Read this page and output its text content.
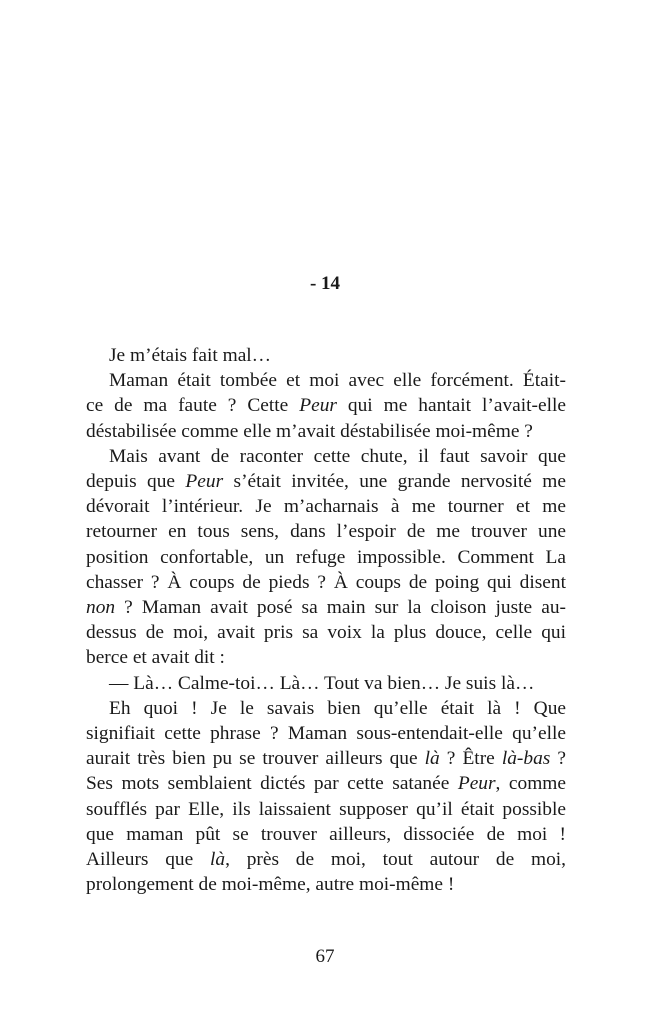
- 14
Je m’étais fait mal…
Maman était tombée et moi avec elle forcément. Était-
ce de ma faute ? Cette Peur qui me hantait l’avait-elle
déstabilisée comme elle m’avait déstabilisée moi-même ?
Mais avant de raconter cette chute, il faut savoir que
depuis que Peur s’était invitée, une grande nervosité me
dévorait l’intérieur. Je m’acharnais à me tourner et me
retourner en tous sens, dans l’espoir de me trouver une
position confortable, un refuge impossible. Comment La
chasser ? À coups de pieds ? À coups de poing qui disent
non ? Maman avait posé sa main sur la cloison juste au-
dessus de moi, avait pris sa voix la plus douce, celle qui
berce et avait dit :
— Là… Calme-toi… Là… Tout va bien… Je suis là…
Eh quoi ! Je le savais bien qu’elle était là ! Que
signifiait cette phrase ? Maman sous-entendait-elle qu’elle
aurait très bien pu se trouver ailleurs que là ? Être là-bas ?
Ses mots semblaient dictés par cette satanée Peur, comme
soufflés par Elle, ils laissaient supposer qu’il était possible
que maman pût se trouver ailleurs, dissociée de moi !
Ailleurs que là, près de moi, tout autour de moi,
prolongement de moi-même, autre moi-même !
67
